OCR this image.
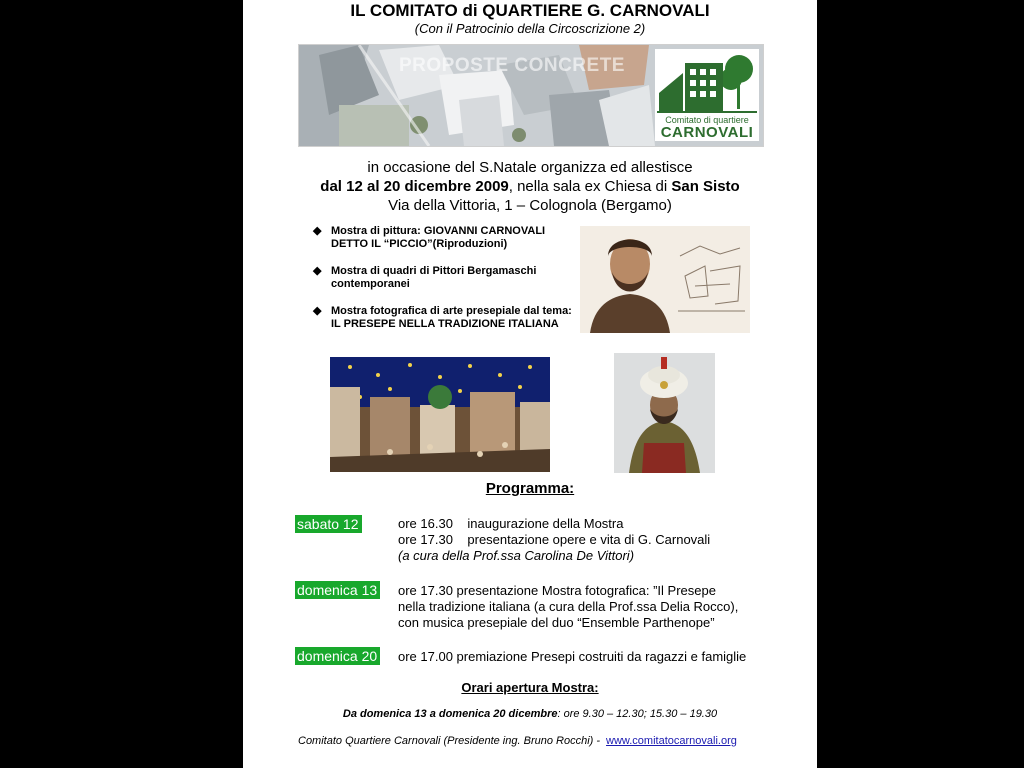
IL COMITATO di QUARTIERE G. CARNOVALI
(Con il Patrocinio della Circoscrizione 2)
PROPOSTE CONCRETE
Comitato di quartiere
CARNOVALI
in occasione del S.Natale organizza ed allestisce
dal 12 al 20 dicembre 2009, nella sala ex Chiesa di San Sisto
Via della Vittoria, 1 – Colognola (Bergamo)
◆ Mostra di pittura: GIOVANNI CARNOVALI DETTO IL “PICCIO”(Riproduzioni)
◆ Mostra di quadri di Pittori Bergamaschi contemporanei
◆ Mostra fotografica di arte presepiale dal tema: IL PRESEPE NELLA TRADIZIONE ITALIANA
Programma:
sabato 12	ore 16.30    inaugurazione della Mostra
ore 17.30    presentazione opere e vita di G. Carnovali
(a cura della Prof.ssa Carolina De Vittori)
domenica 13 ore 17.30 presentazione Mostra fotografica: ”Il Presepe
nella tradizione italiana (a cura della Prof.ssa Delia Rocco),
con musica presepiale del duo “Ensemble Parthenope”
domenica 20 ore 17.00 premiazione Presepi costruiti da ragazzi e famiglie
Orari apertura Mostra:
Da domenica 13 a domenica 20 dicembre: ore 9.30 – 12.30; 15.30 – 19.30
Comitato Quartiere Carnovali (Presidente ing. Bruno Rocchi) - www.comitatocarnovali.org
